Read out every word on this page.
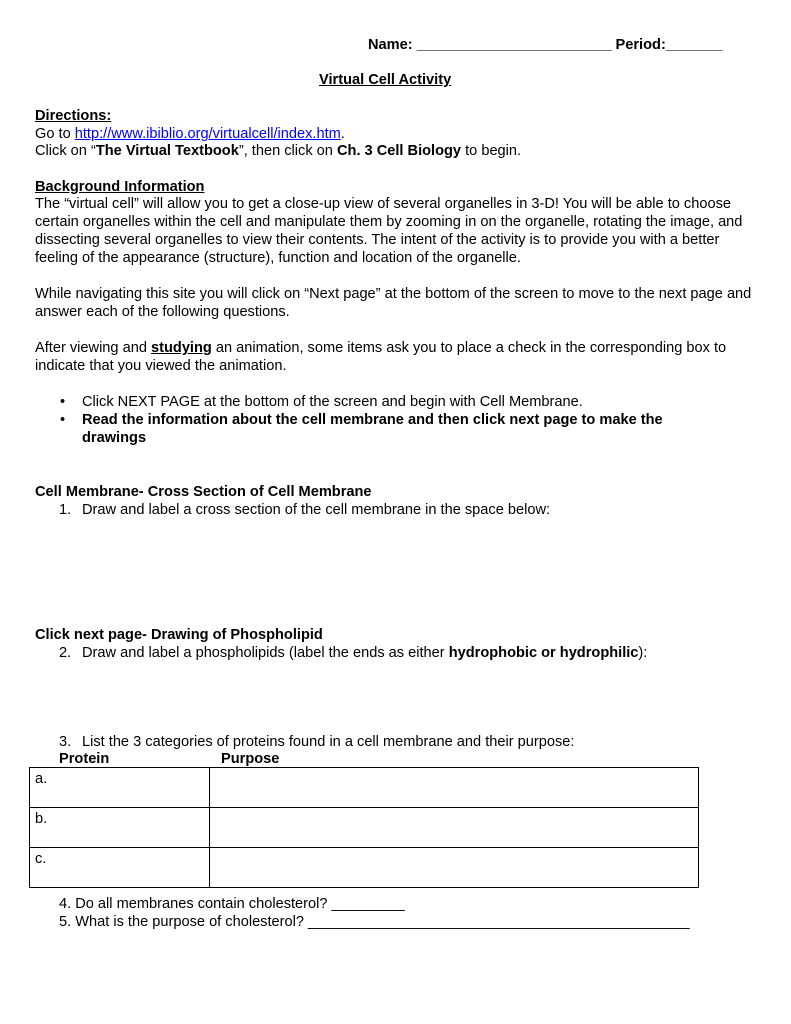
Name: ________________________ Period:_______
Virtual Cell Activity
Directions:
Go to http://www.ibiblio.org/virtualcell/index.htm.
Click on “The Virtual Textbook”, then click on Ch. 3 Cell Biology to begin.
Background Information
The “virtual cell” will allow you to get a close-up view of several organelles in 3-D! You will be able to choose certain organelles within the cell and manipulate them by zooming in on the organelle, rotating the image, and dissecting several organelles to view their contents. The intent of the activity is to provide you with a better feeling of the appearance (structure), function and location of the organelle.
While navigating this site you will click on “Next page” at the bottom of the screen to move to the next page and answer each of the following questions.
After viewing and studying an animation, some items ask you to place a check in the corresponding box to indicate that you viewed the animation.
•	Click NEXT PAGE at the bottom of the screen and begin with Cell Membrane.
•	Read the information about the cell membrane and then click next page to make the drawings
Cell Membrane- Cross Section of Cell Membrane
1. Draw and label a cross section of the cell membrane in the space below:
Click next page- Drawing of Phospholipid
2. Draw and label a phospholipids (label the ends as either hydrophobic or hydrophilic):
3. List the 3 categories of proteins found in a cell membrane and their purpose:
Protein	Purpose
a.	
b.	
c.	
4. Do all membranes contain cholesterol? _________
5. What is the purpose of cholesterol? _______________________________________________
